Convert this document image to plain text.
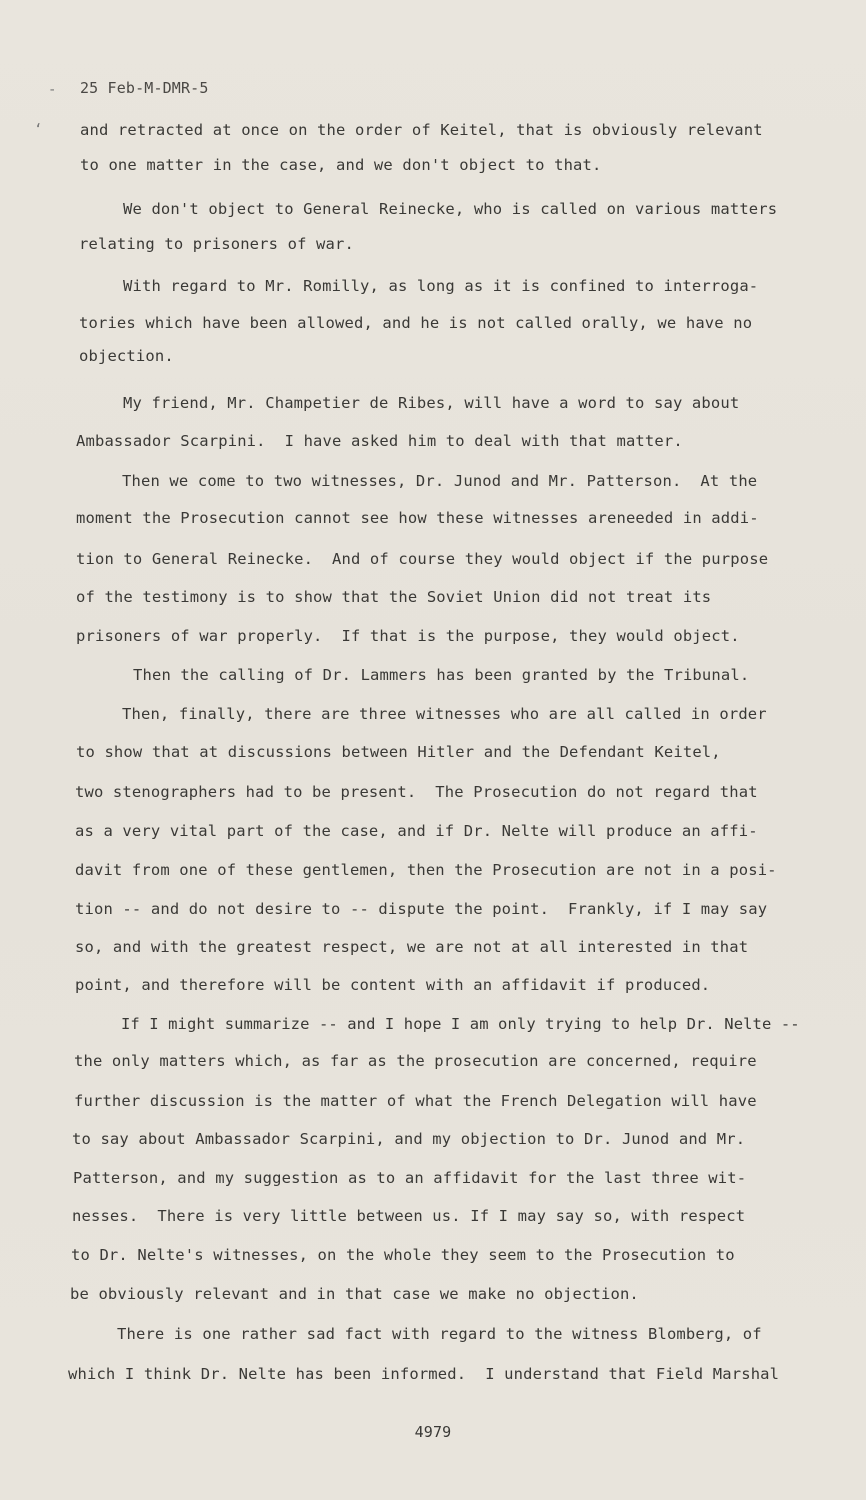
-
‘
25 Feb-M-DMR-5
and retracted at once on the order of Keitel, that is obviously relevant
to one matter in the case, and we don't object to that.
We don't object to General Reinecke, who is called on various matters
relating to prisoners of war.
With regard to Mr. Romilly, as long as it is confined to interroga-
tories which have been allowed, and he is not called orally, we have no
objection.
My friend, Mr. Champetier de Ribes, will have a word to say about
Ambassador Scarpini.  I have asked him to deal with that matter.
Then we come to two witnesses, Dr. Junod and Mr. Patterson.  At the
moment the Prosecution cannot see how these witnesses areneeded in addi-
tion to General Reinecke.  And of course they would object if the purpose
of the testimony is to show that the Soviet Union did not treat its
prisoners of war properly.  If that is the purpose, they would object.
Then the calling of Dr. Lammers has been granted by the Tribunal.
Then, finally, there are three witnesses who are all called in order
to show that at discussions between Hitler and the Defendant Keitel,
two stenographers had to be present.  The Prosecution do not regard that
as a very vital part of the case, and if Dr. Nelte will produce an affi-
davit from one of these gentlemen, then the Prosecution are not in a posi-
tion -- and do not desire to -- dispute the point.  Frankly, if I may say
so, and with the greatest respect, we are not at all interested in that
point, and therefore will be content with an affidavit if produced.
If I might summarize -- and I hope I am only trying to help Dr. Nelte --
the only matters which, as far as the prosecution are concerned, require
further discussion is the matter of what the French Delegation will have
to say about Ambassador Scarpini, and my objection to Dr. Junod and Mr.
Patterson, and my suggestion as to an affidavit for the last three wit-
nesses.  There is very little between us. If I may say so, with respect
to Dr. Nelte's witnesses, on the whole they seem to the Prosecution to
be obviously relevant and in that case we make no objection.
There is one rather sad fact with regard to the witness Blomberg, of
which I think Dr. Nelte has been informed.  I understand that Field Marshal
4979
